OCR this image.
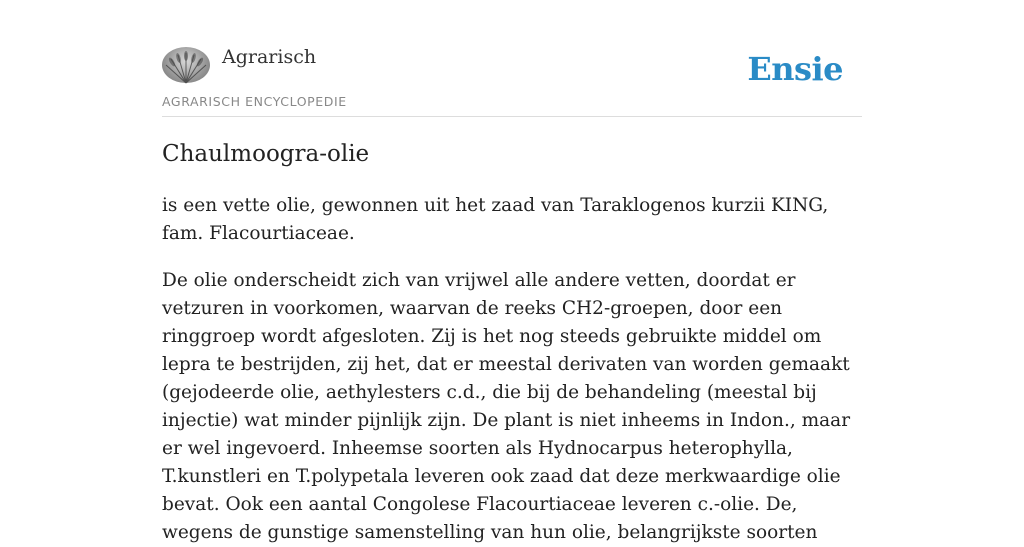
Agrarisch
AGRARISCH ENCYCLOPEDIE
Ensie
Chaulmoogra-olie

is een vette olie, gewonnen uit het zaad van Taraklogenos kurzii KING, fam. Flacourtiaceae.

De olie onderscheidt zich van vrijwel alle andere vetten, doordat er vetzuren in voorkomen, waarvan de reeks CH2-groepen, door een ringgroep wordt afgesloten. Zij is het nog steeds gebruikte middel om lepra te bestrijden, zij het, dat er meestal derivaten van worden gemaakt (gejodeerde olie, aethylesters c.d., die bij de behandeling (meestal bij injectie) wat minder pijnlijk zijn. De plant is niet inheems in Indon., maar er wel ingevoerd. Inheemse soorten als Hydnocarpus heterophylla, T.kunstleri en T.polypetala leveren ook zaad dat deze merkwaardige olie bevat. Ook een aantal Congolese Flacourtiaceae leveren c.-olie. De, wegens de gunstige samenstelling van hun olie, belangrijkste soorten
